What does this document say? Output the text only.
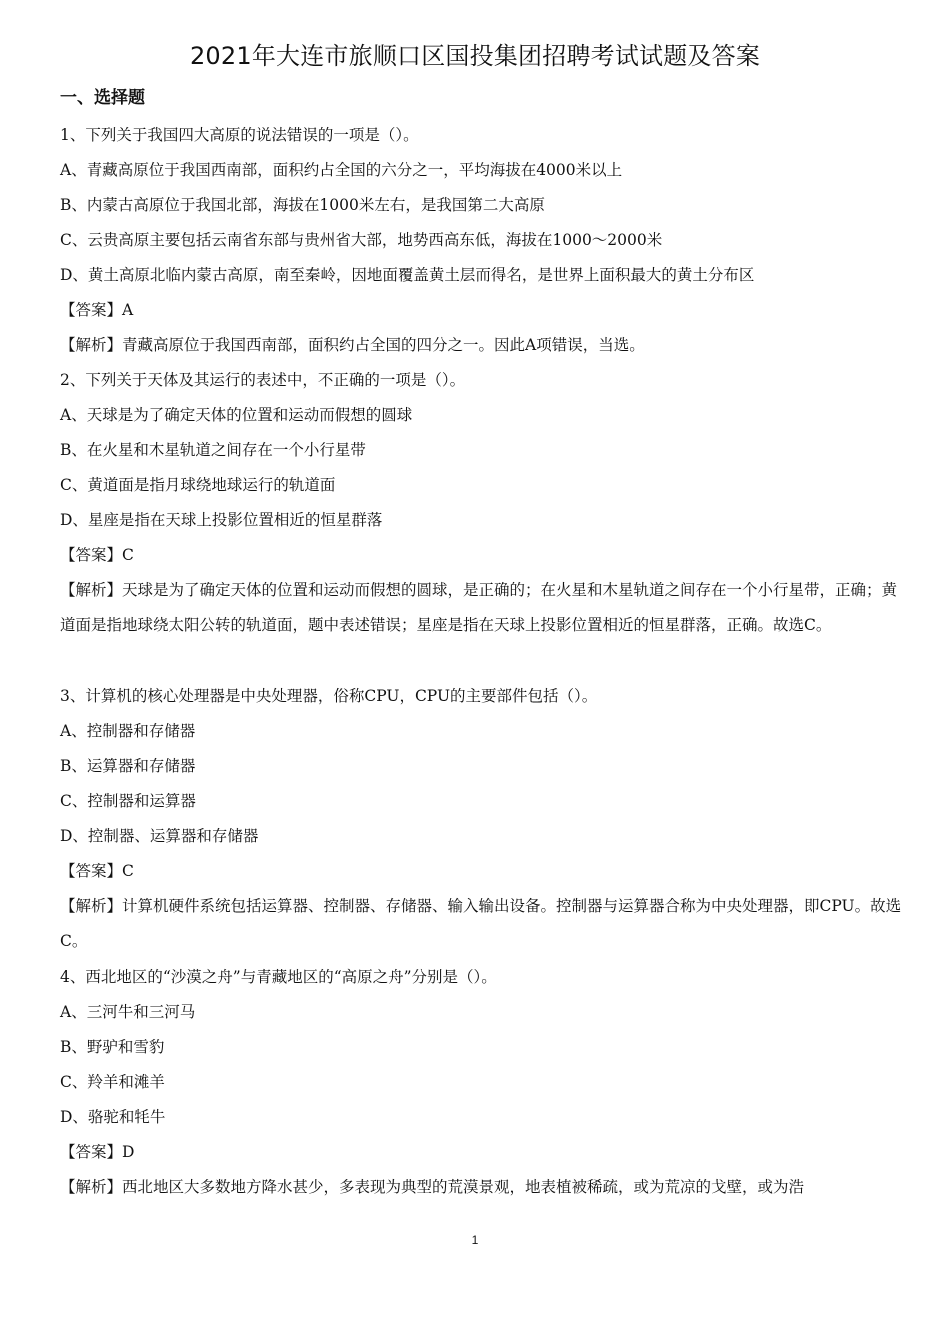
2021年大连市旅顺口区国投集团招聘考试试题及答案
一、选择题
1、下列关于我国四大高原的说法错误的一项是（）。
A、青藏高原位于我国西南部，面积约占全国的六分之一，平均海拔在4000米以上
B、内蒙古高原位于我国北部，海拔在1000米左右，是我国第二大高原
C、云贵高原主要包括云南省东部与贵州省大部，地势西高东低，海拔在1000～2000米
D、黄土高原北临内蒙古高原，南至秦岭，因地面覆盖黄土层而得名，是世界上面积最大的黄土分布区
【答案】A
【解析】青藏高原位于我国西南部，面积约占全国的四分之一。因此A项错误，当选。
2、下列关于天体及其运行的表述中，不正确的一项是（）。
A、天球是为了确定天体的位置和运动而假想的圆球
B、在火星和木星轨道之间存在一个小行星带
C、黄道面是指月球绕地球运行的轨道面
D、星座是指在天球上投影位置相近的恒星群落
【答案】C
【解析】天球是为了确定天体的位置和运动而假想的圆球，是正确的；在火星和木星轨道之间存在一个小行星带，正确；黄道面是指地球绕太阳公转的轨道面，题中表述错误；星座是指在天球上投影位置相近的恒星群落，正确。故选C。
3、计算机的核心处理器是中央处理器，俗称CPU，CPU的主要部件包括（）。
A、控制器和存储器
B、运算器和存储器
C、控制器和运算器
D、控制器、运算器和存储器
【答案】C
【解析】计算机硬件系统包括运算器、控制器、存储器、输入输出设备。控制器与运算器合称为中央处理器，即CPU。故选C。
4、西北地区的“沙漠之舟”与青藏地区的“高原之舟”分别是（）。
A、三河牛和三河马
B、野驴和雪豹
C、羚羊和滩羊
D、骆驼和牦牛
【答案】D
【解析】西北地区大多数地方降水甚少，多表现为典型的荒漠景观，地表植被稀疏，或为荒凉的戈壁，或为浩
1
